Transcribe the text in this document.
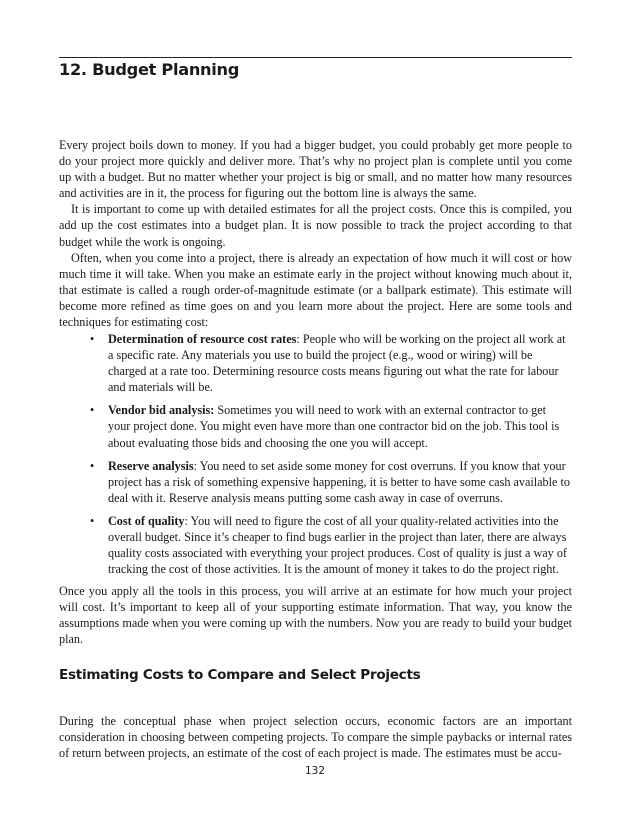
12. Budget Planning

Every project boils down to money. If you had a bigger budget, you could probably get more people to do your project more quickly and deliver more. That’s why no project plan is complete until you come up with a budget. But no matter whether your project is big or small, and no matter how many resources and activities are in it, the process for figuring out the bottom line is always the same.

It is important to come up with detailed estimates for all the project costs. Once this is compiled, you add up the cost estimates into a budget plan. It is now possible to track the project according to that budget while the work is ongoing.

Often, when you come into a project, there is already an expectation of how much it will cost or how much time it will take. When you make an estimate early in the project without knowing much about it, that estimate is called a rough order-of-magnitude estimate (or a ballpark estimate). This estimate will become more refined as time goes on and you learn more about the project. Here are some tools and techniques for estimating cost:

• Determination of resource cost rates: People who will be working on the project all work at a specific rate. Any materials you use to build the project (e.g., wood or wiring) will be charged at a rate too. Determining resource costs means figuring out what the rate for labour and materials will be.
• Vendor bid analysis: Sometimes you will need to work with an external contractor to get your project done. You might even have more than one contractor bid on the job. This tool is about evaluating those bids and choosing the one you will accept.
• Reserve analysis: You need to set aside some money for cost overruns. If you know that your project has a risk of something expensive happening, it is better to have some cash available to deal with it. Reserve analysis means putting some cash away in case of overruns.
• Cost of quality: You will need to figure the cost of all your quality-related activities into the overall budget. Since it’s cheaper to find bugs earlier in the project than later, there are always quality costs associated with everything your project produces. Cost of quality is just a way of tracking the cost of those activities. It is the amount of money it takes to do the project right.

Once you apply all the tools in this process, you will arrive at an estimate for how much your project will cost. It’s important to keep all of your supporting estimate information. That way, you know the assumptions made when you were coming up with the numbers. Now you are ready to build your budget plan.

Estimating Costs to Compare and Select Projects

During the conceptual phase when project selection occurs, economic factors are an important consideration in choosing between competing projects. To compare the simple paybacks or internal rates of return between projects, an estimate of the cost of each project is made. The estimates must be accu-

132
